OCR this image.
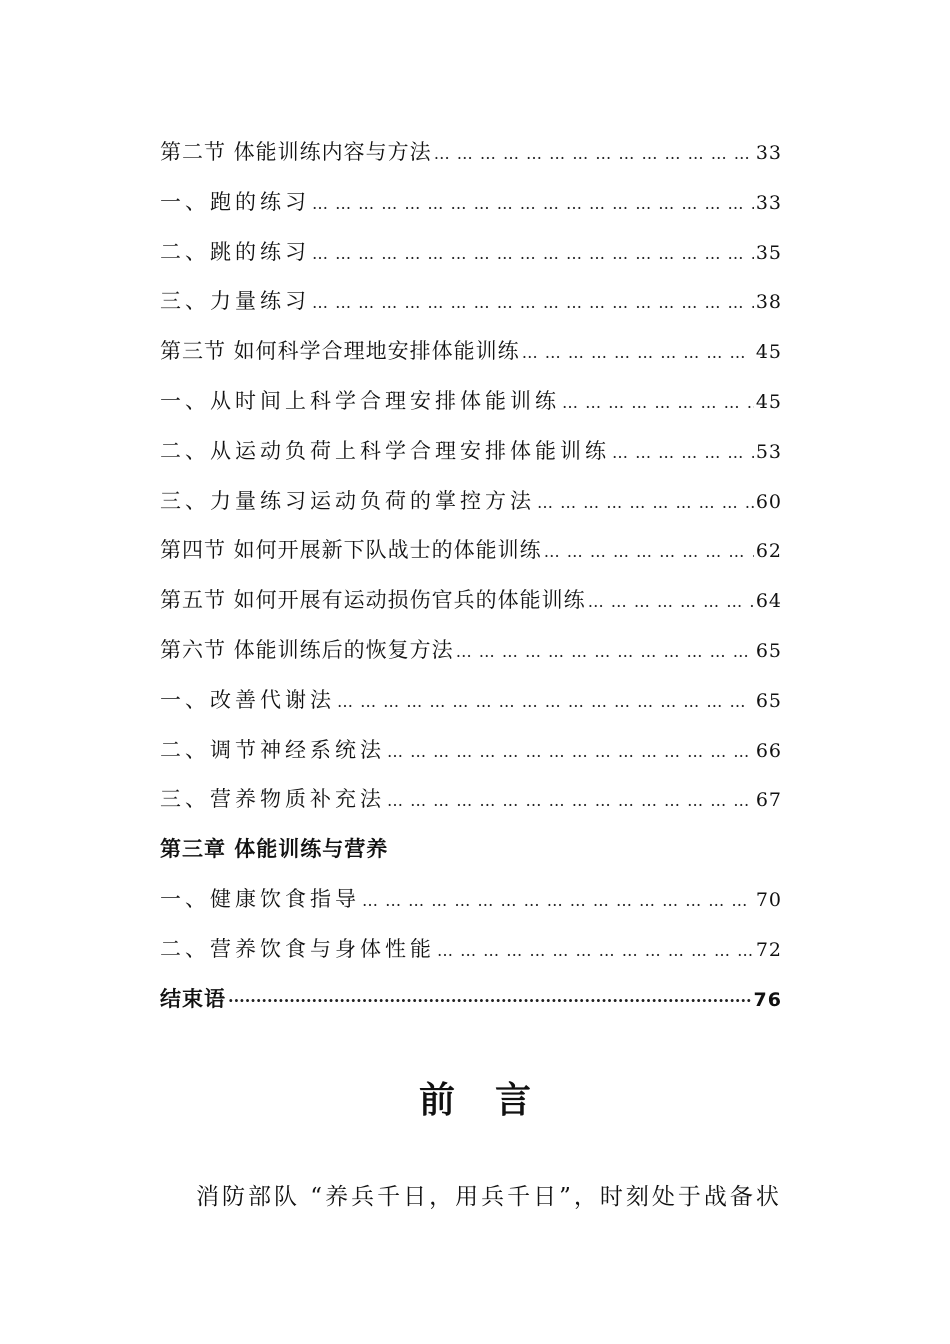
第二节 体能训练内容与方法 … … … … … … … … … … … … … … … … … … … … … … … … … … … … … … … … … … … … … … … … … … … … … … …	33
一、跑的练习 … … … … … … … … … … … … … … … … … … … … … … … … … … … … … … … … … … … … … … … … … … … … … … …	33
二、跳的练习 … … … … … … … … … … … … … … … … … … … … … … … … … … … … … … … … … … … … … … … … … … … … … … …	35
三、力量练习 … … … … … … … … … … … … … … … … … … … … … … … … … … … … … … … … … … … … … … … … … … … … … … …	38
第三节 如何科学合理地安排体能训练 … … … … … … … … … … … … … … … … … … … … … … … … … … … … … … … … … … … … … … … … … … … … … … …	45
一、从时间上科学合理安排体能训练 … … … … … … … … … … … … … … … … … … … … … … … … … … … … … … … … … … … … … … … … … … … … … … …	45
二、从运动负荷上科学合理安排体能训练 … … … … … … … … … … … … … … … … … … … … … … … … … … … … … … … … … … … … … … … … … … … … … … …	53
三、力量练习运动负荷的掌控方法 … … … … … … … … … … … … … … … … … … … … … … … … … … … … … … … … … … … … … … … … … … … … … … …	60
第四节 如何开展新下队战士的体能训练 … … … … … … … … … … … … … … … … … … … … … … … … … … … … … … … … … … … … … … … … … … … … … … …	62
第五节 如何开展有运动损伤官兵的体能训练 … … … … … … … … … … … … … … … … … … … … … … … … … … … … … … … … … … … … … … … … … … … … … … …	64
第六节 体能训练后的恢复方法 … … … … … … … … … … … … … … … … … … … … … … … … … … … … … … … … … … … … … … … … … … … … … … …	65
一、改善代谢法 … … … … … … … … … … … … … … … … … … … … … … … … … … … … … … … … … … … … … … … … … … … … … … …	65
二、调节神经系统法 … … … … … … … … … … … … … … … … … … … … … … … … … … … … … … … … … … … … … … … … … … … … … … …	66
三、营养物质补充法 … … … … … … … … … … … … … … … … … … … … … … … … … … … … … … … … … … … … … … … … … … … … … … …	67
第三章 体能训练与营养
一、健康饮食指导 … … … … … … … … … … … … … … … … … … … … … … … … … … … … … … … … … … … … … … … … … … … … … … …	70
二、营养饮食与身体性能 … … … … … … … … … … … … … … … … … … … … … … … … … … … … … … … … … … … … … … … … … … … … … … …	72
结束语 ·····	76
前言
消防部队 “养兵千日，用兵千日”，时刻处于战备状
